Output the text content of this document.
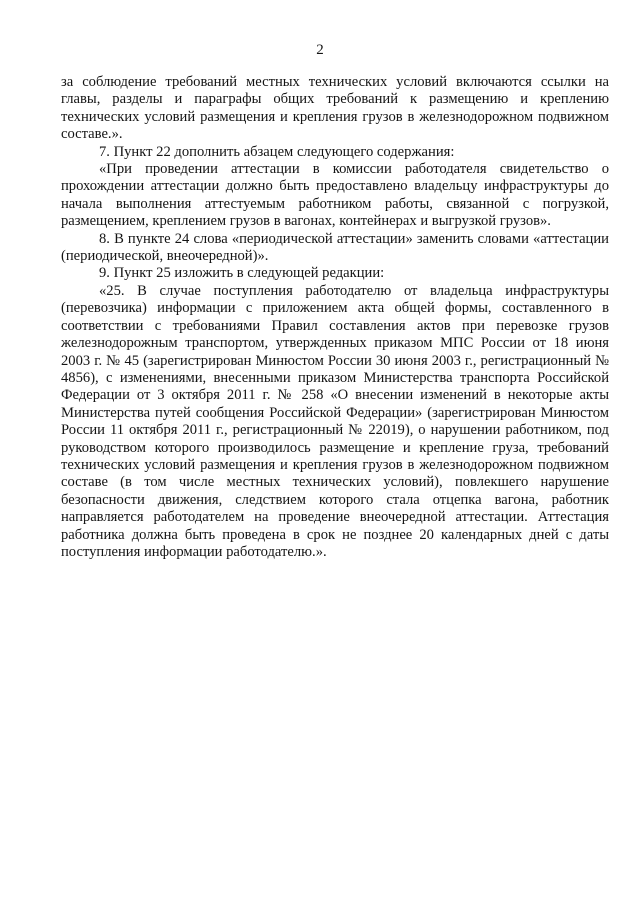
2

за соблюдение требований местных технических условий включаются ссылки на главы, разделы и параграфы общих требований к размещению и креплению технических условий размещения и крепления грузов в железнодорожном подвижном составе.».

7. Пункт 22 дополнить абзацем следующего содержания:

«При проведении аттестации в комиссии работодателя свидетельство о прохождении аттестации должно быть предоставлено владельцу инфраструктуры до начала выполнения аттестуемым работником работы, связанной с погрузкой, размещением, креплением грузов в вагонах, контейнерах и выгрузкой грузов».

8. В пункте 24 слова «периодической аттестации» заменить словами «аттестации (периодической, внеочередной)».

9. Пункт 25 изложить в следующей редакции:

«25. В случае поступления работодателю от владельца инфраструктуры (перевозчика) информации с приложением акта общей формы, составленного в соответствии с требованиями Правил составления актов при перевозке грузов железнодорожным транспортом, утвержденных приказом МПС России от 18 июня 2003 г. № 45 (зарегистрирован Минюстом России 30 июня 2003 г., регистрационный № 4856), с изменениями, внесенными приказом Министерства транспорта Российской Федерации от 3 октября 2011 г. № 258 «О внесении изменений в некоторые акты Министерства путей сообщения Российской Федерации» (зарегистрирован Минюстом России 11 октября 2011 г., регистрационный № 22019), о нарушении работником, под руководством которого производилось размещение и крепление груза, требований технических условий размещения и крепления грузов в железнодорожном подвижном составе (в том числе местных технических условий), повлекшего нарушение безопасности движения, следствием которого стала отцепка вагона, работник направляется работодателем на проведение внеочередной аттестации. Аттестация работника должна быть проведена в срок не позднее 20 календарных дней с даты поступления информации работодателю.».
